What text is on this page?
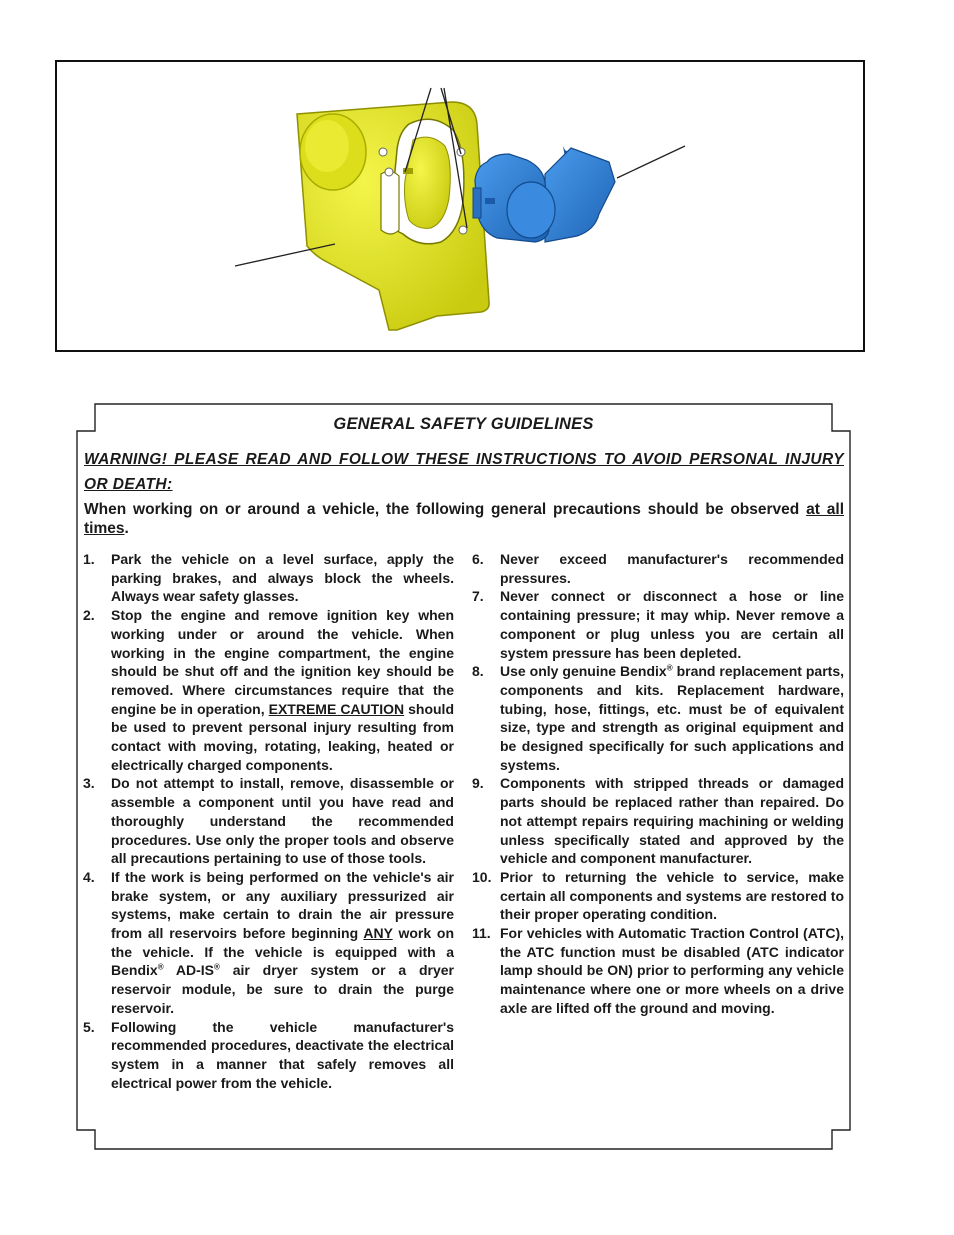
GENERAL SAFETY GUIDELINES
WARNING! PLEASE READ AND FOLLOW THESE INSTRUCTIONS TO AVOID PERSONAL INJURY OR DEATH:
When working on or around a vehicle, the following general precautions should be observed at all times.
1. Park the vehicle on a level surface, apply the parking brakes, and always block the wheels. Always wear safety glasses.
2. Stop the engine and remove ignition key when working under or around the vehicle. When working in the engine compartment, the engine should be shut off and the ignition key should be removed. Where circumstances require that the engine be in operation, EXTREME CAUTION should be used to prevent personal injury resulting from contact with moving, rotating, leaking, heated or electrically charged components.
3. Do not attempt to install, remove, disassemble or assemble a component until you have read and thoroughly understand the recommended procedures. Use only the proper tools and observe all precautions pertaining to use of those tools.
4. If the work is being performed on the vehicle's air brake system, or any auxiliary pressurized air systems, make certain to drain the air pressure from all reservoirs before beginning ANY work on the vehicle. If the vehicle is equipped with a Bendix® AD-IS® air dryer system or a dryer reservoir module, be sure to drain the purge reservoir.
5. Following the vehicle manufacturer's recommended procedures, deactivate the electrical system in a manner that safely removes all electrical power from the vehicle.
6. Never exceed manufacturer's recommended pressures.
7. Never connect or disconnect a hose or line containing pressure; it may whip. Never remove a component or plug unless you are certain all system pressure has been depleted.
8. Use only genuine Bendix® brand replacement parts, components and kits. Replacement hardware, tubing, hose, fittings, etc. must be of equivalent size, type and strength as original equipment and be designed specifically for such applications and systems.
9. Components with stripped threads or damaged parts should be replaced rather than repaired. Do not attempt repairs requiring machining or welding unless specifically stated and approved by the vehicle and component manufacturer.
10. Prior to returning the vehicle to service, make certain all components and systems are restored to their proper operating condition.
11. For vehicles with Automatic Traction Control (ATC), the ATC function must be disabled (ATC indicator lamp should be ON) prior to performing any vehicle maintenance where one or more wheels on a drive axle are lifted off the ground and moving.
